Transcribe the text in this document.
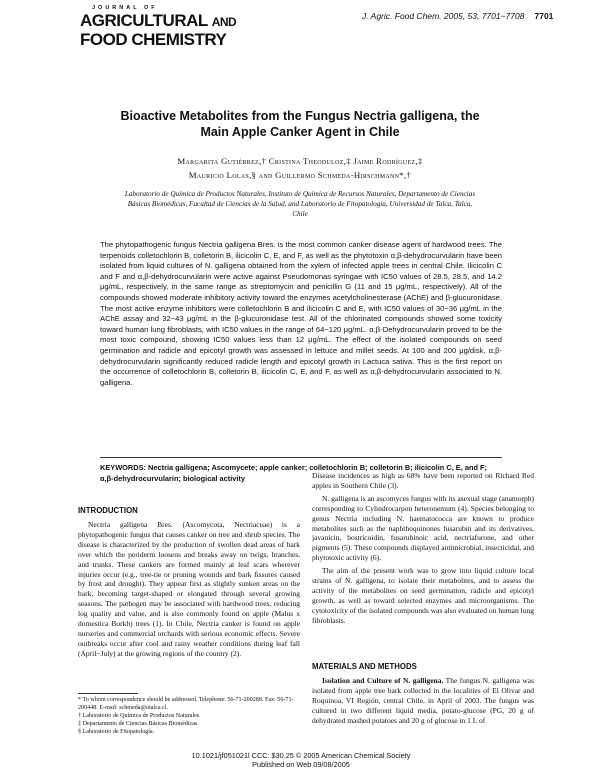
JOURNAL OF
AGRICULTURAL AND
FOOD CHEMISTRY
J. Agric. Food Chem. 2005, 53, 7701−7708 7701
Bioactive Metabolites from the Fungus Nectria galligena, the
Main Apple Canker Agent in Chile
Margarita Gutiérrez,† Cristina Theoduloz,‡ Jaime Rodríguez,‡
Mauricio Lolas,§ and Guillermo Schmeda-Hirschmann*,†
Laboratorio de Química de Productos Naturales, Instituto de Química de Recursos Naturales, Departamento de Ciencias Básicas Biomédicas, Facultad de Ciencias de la Salud, and Laboratorio de Fitopatología, Universidad de Talca, Talca, Chile
The phytopathogenic fungus Nectria galligena Bres. is the most common canker disease agent of hardwood trees. The terpenoids colletochlorin B, colletorin B, ilicicolin C, E, and F, as well as the phytotoxin α,β-dehydrocurvularin have been isolated from liquid cultures of N. galligena obtained from the xylem of infected apple trees in central Chile. Ilicicolin C and F and α,β-dehydrocurvularin were active against Pseudomonas syringae with IC50 values of 28.5, 28.5, and 14.2 μg/mL, respectively, in the same range as streptomycin and penicillin G (11 and 15 μg/mL, respectively). All of the compounds showed moderate inhibitory activity toward the enzymes acetylcholinesterase (AChE) and β-glucuronidase. The most active enzyme inhibitors were colletochlorin B and ilicicolin C and E, with IC50 values of 30−36 μg/mL in the AChE assay and 32−43 μg/mL in the β-glucuronidase test. All of the chlorinated compounds showed some toxicity toward human lung fibroblasts, with IC50 values in the range of 64−120 μg/mL. α,β-Dehydrocurvularin proved to be the most toxic compound, showing IC50 values less than 12 μg/mL. The effect of the isolated compounds on seed germination and radicle and epicotyl growth was assessed in lettuce and millet seeds. At 100 and 200 μg/disk, α,β-dehydrocurvularin significantly reduced radicle length and epicotyl growth in Lactuca sativa. This is the first report on the occurrence of colletochlorin B, colletorin B, ilicicolin C, E, and F, as well as α,β-dehydrocurvularin associated to N. galligena.
KEYWORDS: Nectria galligena; Ascomycete; apple canker; colletochlorin B; colletorin B; ilicicolin C, E, and F; α,β-dehydrocurvularin; biological activity
INTRODUCTION

Nectria galligena Bres. (Ascomycota, Nectriaceae) is a phytopathogenic fungus that causes canker on tree and shrub species. The disease is characterized by the production of swollen dead areas of bark over which the periderm loosens and breaks away on twigs, branches, and trunks. These cankers are formed mainly at leaf scars wherever injuries occur (e.g., tree-tie or pruning wounds and bark fissures caused by frost and drought). They appear first as slightly sunken areas on the bark, becoming target-shaped or elongated through several growing seasons. The pathogen may be associated with hardwood trees, reducing log quality and value, and is also commonly found on apple (Malus x domestica Borkh) trees (1). In Chile, Nectria canker is found on apple nurseries and commercial orchards with serious economic effects. Severe outbreaks occur after cool and rainy weather conditions during leaf fall (April−July) at the growing regions of the country (2).

* To whom correspondence should be addressed. Telephone: 56-71-200288. Fax: 56-71-200448. E-mail: schmeda@utalca.cl.
† Laboratorio de Química de Productos Naturales.
‡ Departamento de Ciencias Básicas Biomédicas.
§ Laboratorio de Fitopatología.

Disease incidences as high as 68% have been reported on Richard Red apples in Southern Chile (3).

N. galligena is an ascomyces fungus with its asexual stage (anamorph) corresponding to Cylindrocarpon heteronemum (4). Species belonging to genus Nectria including N. haematococca are known to produce metabolites such as the naphthoquinones fusarubin and its derivatives, javanicin, bostricoidin, fusarubinoic acid, nectriafurone, and other pigments (5). These compounds displayed antimicrobial, insecticidal, and phytotoxic activity (6).

The aim of the present work was to grow into liquid culture local strains of N. galligena, to isolate their metabolites, and to assess the activity of the metabolites on seed germination, radicle and epicotyl growth, as well as toward selected enzymes and microorganisms. The cytotoxicity of the isolated compounds was also evaluated on human lung fibroblasts.

MATERIALS AND METHODS
Isolation and Culture of N. galligena. The fungus N. galligena was isolated from apple tree bark collected in the localities of El Olivar and Roquinoa, VI Región, central Chile, in April of 2003. The fungus was cultured in two different liquid media, potato-glucose (PG, 20 g of dehydrated mashed potatoes and 20 g of glucose in 1 L of
10.1021/jf051021l CCC: $30.25 © 2005 American Chemical Society
Published on Web 09/08/2005
